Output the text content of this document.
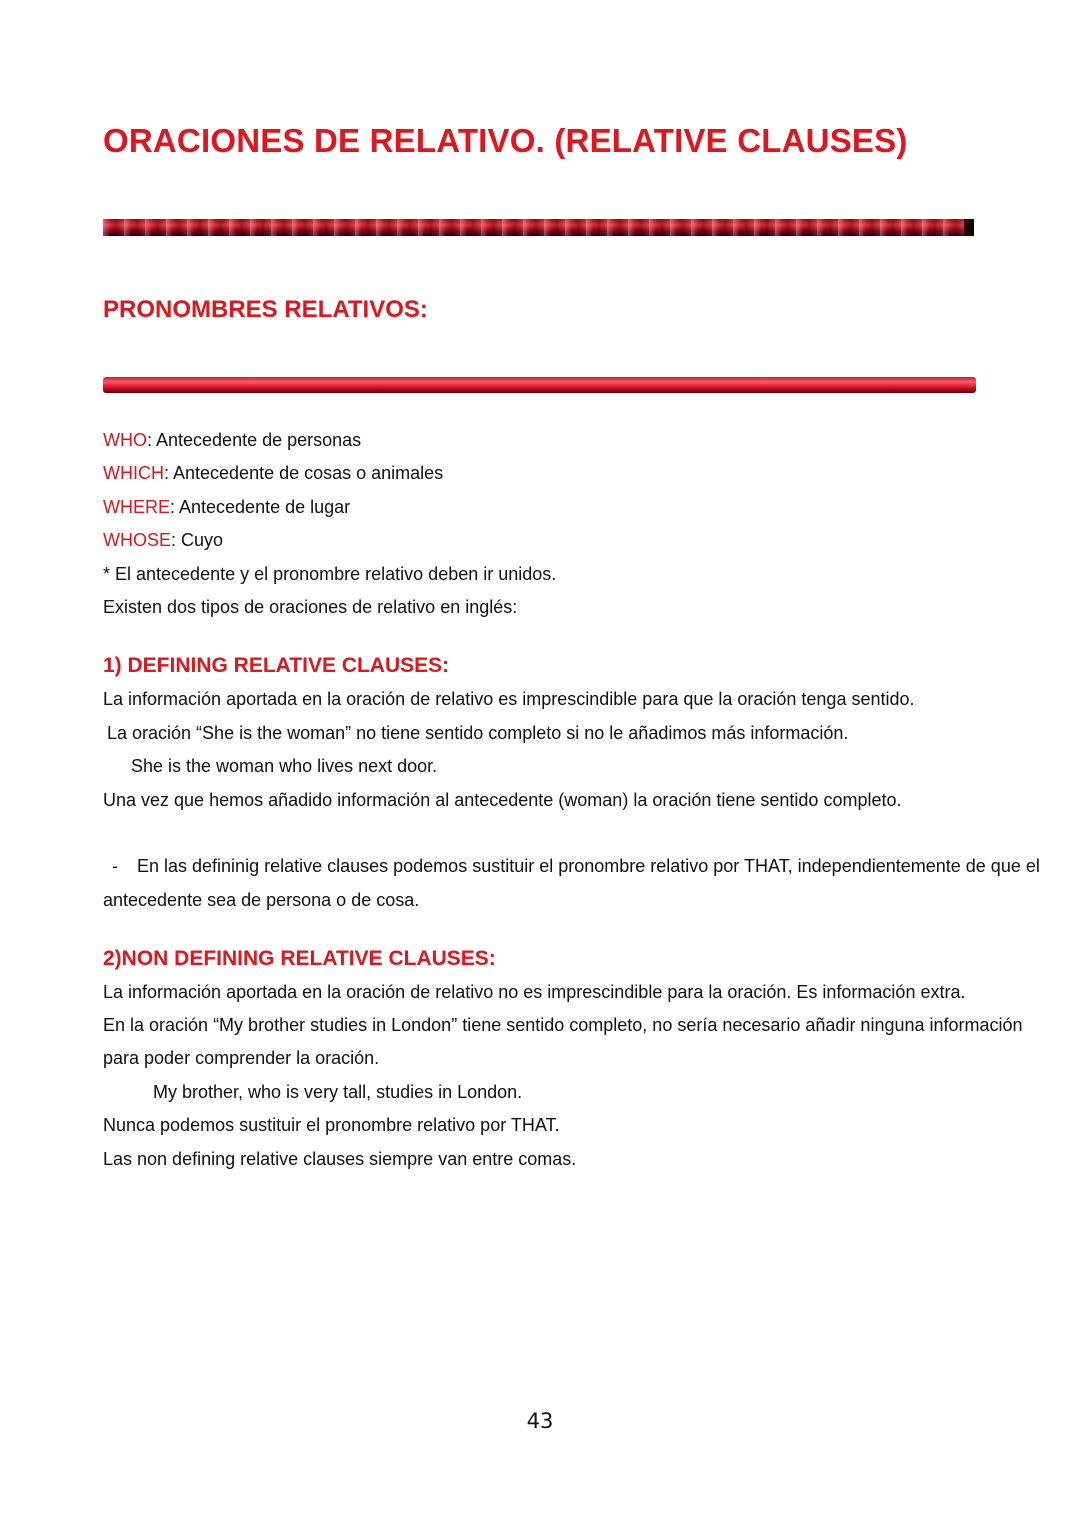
ORACIONES DE RELATIVO. (RELATIVE CLAUSES)
PRONOMBRES RELATIVOS:
WHO: Antecedente de personas
WHICH: Antecedente de cosas o animales
WHERE: Antecedente de lugar
WHOSE: Cuyo
* El antecedente y el pronombre relativo deben ir unidos.
Existen dos tipos de oraciones de relativo en inglés:
1) DEFINING RELATIVE CLAUSES:
La información aportada en la oración de relativo es imprescindible para que la oración tenga sentido.
La oración “She is the woman” no tiene sentido completo si no le añadimos más información.
She is the woman who lives next door.
Una vez que hemos añadido información al antecedente (woman) la oración tiene sentido completo.
- En las defininig relative clauses podemos sustituir el pronombre relativo por THAT, independientemente de que el
antecedente sea de persona o de cosa.
2)NON DEFINING RELATIVE CLAUSES:
La información aportada en la oración de relativo no es imprescindible para la oración. Es información extra.
En la oración “My brother studies in London” tiene sentido completo, no sería necesario añadir ninguna información
para poder comprender la oración.
My brother, who is very tall, studies in London.
Nunca podemos sustituir el pronombre relativo por THAT.
Las non defining relative clauses siempre van entre comas.
43
